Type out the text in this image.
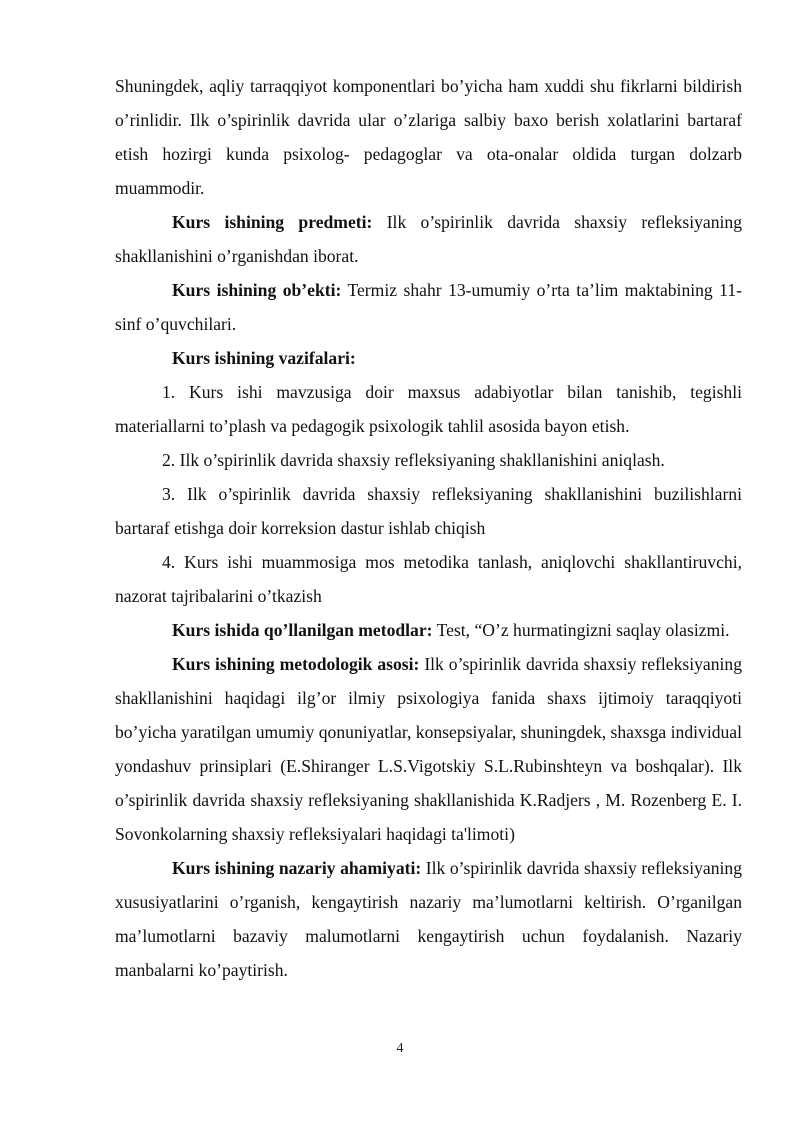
Shuningdek, aqliy tarraqqiyot komponentlari bo’yicha ham xuddi shu fikrlarni bildirish o’rinlidir. Ilk o’spirinlik davrida ular o’zlariga salbiy baxo berish xolatlarini bartaraf etish hozirgi kunda psixolog- pedagoglar va ota-onalar oldida turgan dolzarb muammodir.

Kurs ishining predmeti: Ilk o’spirinlik davrida shaxsiy refleksiyaning shakllanishini o’rganishdan iborat.

Kurs ishining ob’ekti: Termiz shahr 13-umumiy o’rta ta’lim maktabining 11-sinf o’quvchilari.

Kurs ishining vazifalari:

1. Kurs ishi mavzusiga doir maxsus adabiyotlar bilan tanishib, tegishli materiallarni to’plash va pedagogik psixologik tahlil asosida bayon etish.

2. Ilk o’spirinlik davrida shaxsiy refleksiyaning shakllanishini aniqlash.

3. Ilk o’spirinlik davrida shaxsiy refleksiyaning shakllanishini buzilishlarni bartaraf etishga doir korreksion dastur ishlab chiqish

4. Kurs ishi muammosiga mos metodika tanlash, aniqlovchi shakllantiruvchi, nazorat tajribalarini o’tkazish

Kurs ishida qo’llanilgan metodlar: Test, “O’z hurmatingizni saqlay olasizmi.

Kurs ishining metodologik asosi: Ilk o’spirinlik davrida shaxsiy refleksiyaning shakllanishini haqidagi ilg’or ilmiy psixologiya fanida shaxs ijtimoiy taraqqiyoti bo’yicha yaratilgan umumiy qonuniyatlar, konsepsiyalar, shuningdek, shaxsga individual yondashuv prinsiplari (E.Shiranger L.S.Vigotskiy S.L.Rubinshteyn va boshqalar). Ilk o’spirinlik davrida shaxsiy refleksiyaning shakllanishida K.Radjers , M. Rozenberg E. I. Sovonkolarning shaxsiy refleksiyalari haqidagi ta'limoti)

Kurs ishining nazariy ahamiyati: Ilk o’spirinlik davrida shaxsiy refleksiyaning xususiyatlarini o’rganish, kengaytirish nazariy ma’lumotlarni keltirish. O’rganilgan ma’lumotlarni bazaviy malumotlarni kengaytirish uchun foydalanish. Nazariy manbalarni ko’paytirish.

4
